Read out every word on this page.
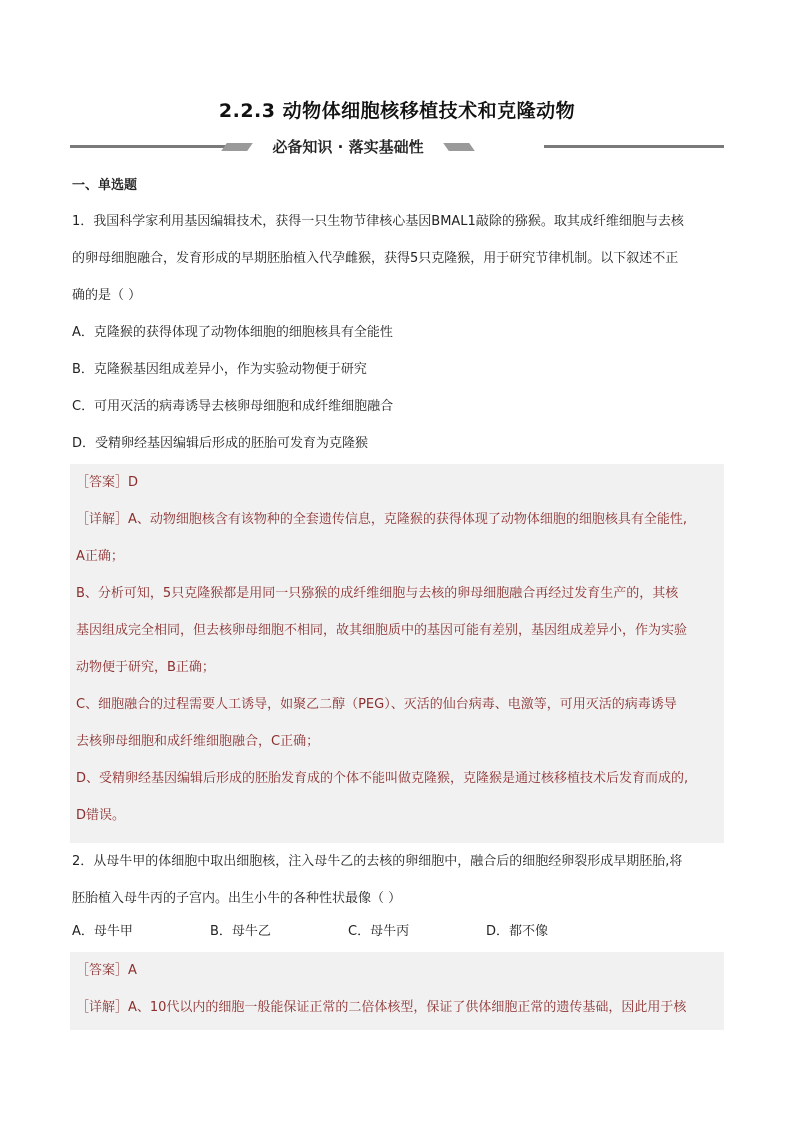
2.2.3 动物体细胞核移植技术和克隆动物
必备知识 · 落实基础性
一、单选题
1．我国科学家利用基因编辑技术，获得一只生物节律核心基因BMAL1敲除的猕猴。取其成纤维细胞与去核
的卵母细胞融合，发育形成的早期胚胎植入代孕雌猴，获得5只克隆猴，用于研究节律机制。以下叙述不正
确的是（ ）
A．克隆猴的获得体现了动物体细胞的细胞核具有全能性
B．克隆猴基因组成差异小，作为实验动物便于研究
C．可用灭活的病毒诱导去核卵母细胞和成纤维细胞融合
D．受精卵经基因编辑后形成的胚胎可发育为克隆猴
［答案］D
［详解］A、动物细胞核含有该物种的全套遗传信息，克隆猴的获得体现了动物体细胞的细胞核具有全能性,
A正确；
B、分析可知，5只克隆猴都是用同一只猕猴的成纤维细胞与去核的卵母细胞融合再经过发育生产的，其核
基因组成完全相同，但去核卵母细胞不相同，故其细胞质中的基因可能有差别，基因组成差异小，作为实验
动物便于研究，B正确；
C、细胞融合的过程需要人工诱导，如聚乙二醇（PEG）、灭活的仙台病毒、电激等，可用灭活的病毒诱导
去核卵母细胞和成纤维细胞融合，C正确；
D、受精卵经基因编辑后形成的胚胎发育成的个体不能叫做克隆猴，克隆猴是通过核移植技术后发育而成的,
D错误。
2．从母牛甲的体细胞中取出细胞核，注入母牛乙的去核的卵细胞中，融合后的细胞经卵裂形成早期胚胎,将
胚胎植入母牛丙的子宫内。出生小牛的各种性状最像（ ）
A．母牛甲	B．母牛乙	C．母牛丙	D．都不像
［答案］A
［详解］A、10代以内的细胞一般能保证正常的二倍体核型，保证了供体细胞正常的遗传基础，因此用于核
